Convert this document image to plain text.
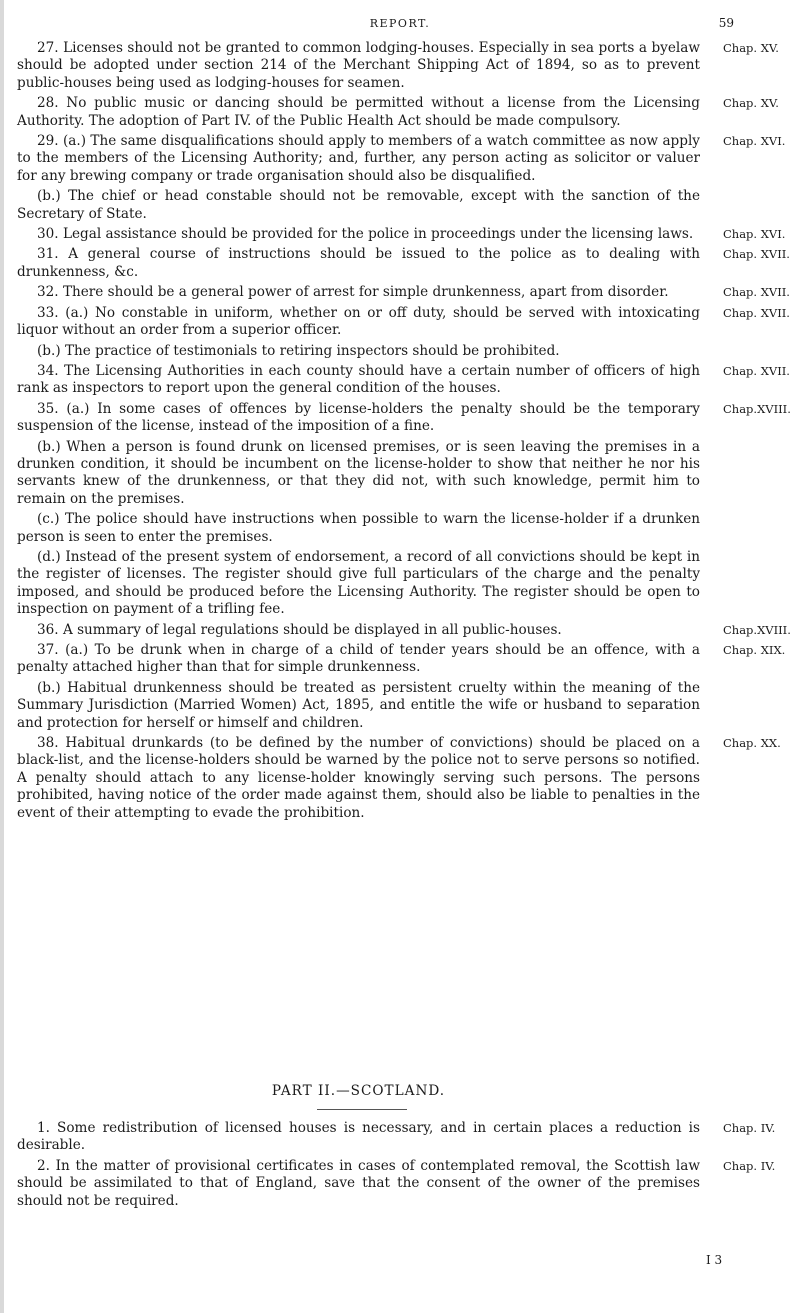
REPORT.	59
27. Licenses should not be granted to common lodging-houses. Especially in sea ports a byelaw should be adopted under section 214 of the Merchant Shipping Act of 1894, so as to prevent public-houses being used as lodging-houses for seamen.
Chap. XV.
28. No public music or dancing should be permitted without a license from the Licensing Authority. The adoption of Part IV. of the Public Health Act should be made compulsory.
Chap. XV.
29. (a.) The same disqualifications should apply to members of a watch committee as now apply to the members of the Licensing Authority; and, further, any person acting as solicitor or valuer for any brewing company or trade organisation should also be disqualified.
Chap. XVI.
(b.) The chief or head constable should not be removable, except with the sanction of the Secretary of State.
30. Legal assistance should be provided for the police in proceedings under the licensing laws.	Chap. XVI.
31. A general course of instructions should be issued to the police as to dealing with drunkenness, &c.
Chap. XVII.
32. There should be a general power of arrest for simple drunkenness, apart from disorder.	Chap. XVII.
33. (a.) No constable in uniform, whether on or off duty, should be served with intoxicating liquor without an order from a superior officer.
Chap. XVII.
(b.) The practice of testimonials to retiring inspectors should be prohibited.
34. The Licensing Authorities in each county should have a certain number of officers of high rank as inspectors to report upon the general condition of the houses.
Chap. XVII.
35. (a.) In some cases of offences by license-holders the penalty should be the temporary suspension of the license, instead of the imposition of a fine.
Chap.XVIII.
(b.) When a person is found drunk on licensed premises, or is seen leaving the premises in a drunken condition, it should be incumbent on the license-holder to show that neither he nor his servants knew of the drunkenness, or that they did not, with such knowledge, permit him to remain on the premises.
(c.) The police should have instructions when possible to warn the license-holder if a drunken person is seen to enter the premises.
(d.) Instead of the present system of endorsement, a record of all convictions should be kept in the register of licenses. The register should give full particulars of the charge and the penalty imposed, and should be produced before the Licensing Authority. The register should be open to inspection on payment of a trifling fee.
36. A summary of legal regulations should be displayed in all public-houses.	Chap.XVIII.
37. (a.) To be drunk when in charge of a child of tender years should be an offence, with a penalty attached higher than that for simple drunkenness.
Chap. XIX.
(b.) Habitual drunkenness should be treated as persistent cruelty within the meaning of the Summary Jurisdiction (Married Women) Act, 1895, and entitle the wife or husband to separation and protection for herself or himself and children.
38. Habitual drunkards (to be defined by the number of convictions) should be placed on a black-list, and the license-holders should be warned by the police not to serve persons so notified. A penalty should attach to any license-holder knowingly serving such persons. The persons prohibited, having notice of the order made against them, should also be liable to penalties in the event of their attempting to evade the prohibition.
Chap. XX.
PART II.—SCOTLAND.
1. Some redistribution of licensed houses is necessary, and in certain places a reduction is desirable.
Chap. IV.
2. In the matter of provisional certificates in cases of contemplated removal, the Scottish law should be assimilated to that of England, save that the consent of the owner of the premises should not be required.
Chap. IV.
I 3
